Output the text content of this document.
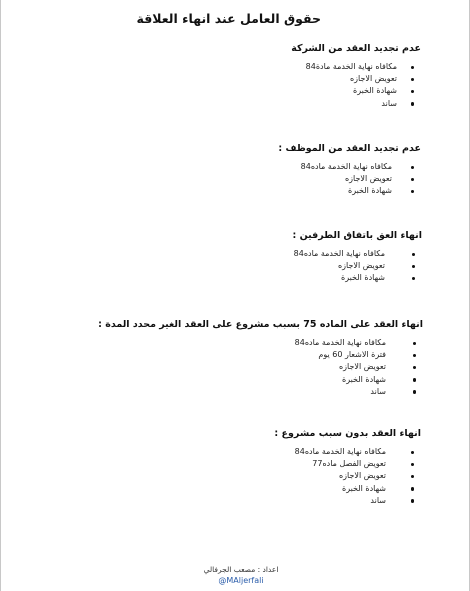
حقوق العامل عند انهاء العلاقة
عدم تجديد العقد من الشركة
مكافاه نهاية الخدمة مادة84
تعويض الاجازه
شهادة الخبرة
ساند
عدم تجديد العقد من الموظف :
مكافاه نهاية الخدمة ماده84
تعويض الاجازه
شهادة الخبرة
انهاء العق باتفاق الطرفين :
مكافاه نهاية الخدمة ماده84
تعويض الاجازه
شهادة الخبرة
انهاء العقد على الماده 75 بسبب مشروع على العقد الغير محدد المدة :
مكافاه نهاية الخدمة ماده84
فترة الاشعار 60 يوم
تعويض الاجازه
شهادة الخبرة
ساند
انهاء العقد بدون سبب مشروع :
مكافاه نهاية الخدمة ماده84
تعويض الفصل ماده77
تعويض الاجازه
شهادة الخبرة
ساند
اعداد : مصعب الجرفالي
@MAljerfali
